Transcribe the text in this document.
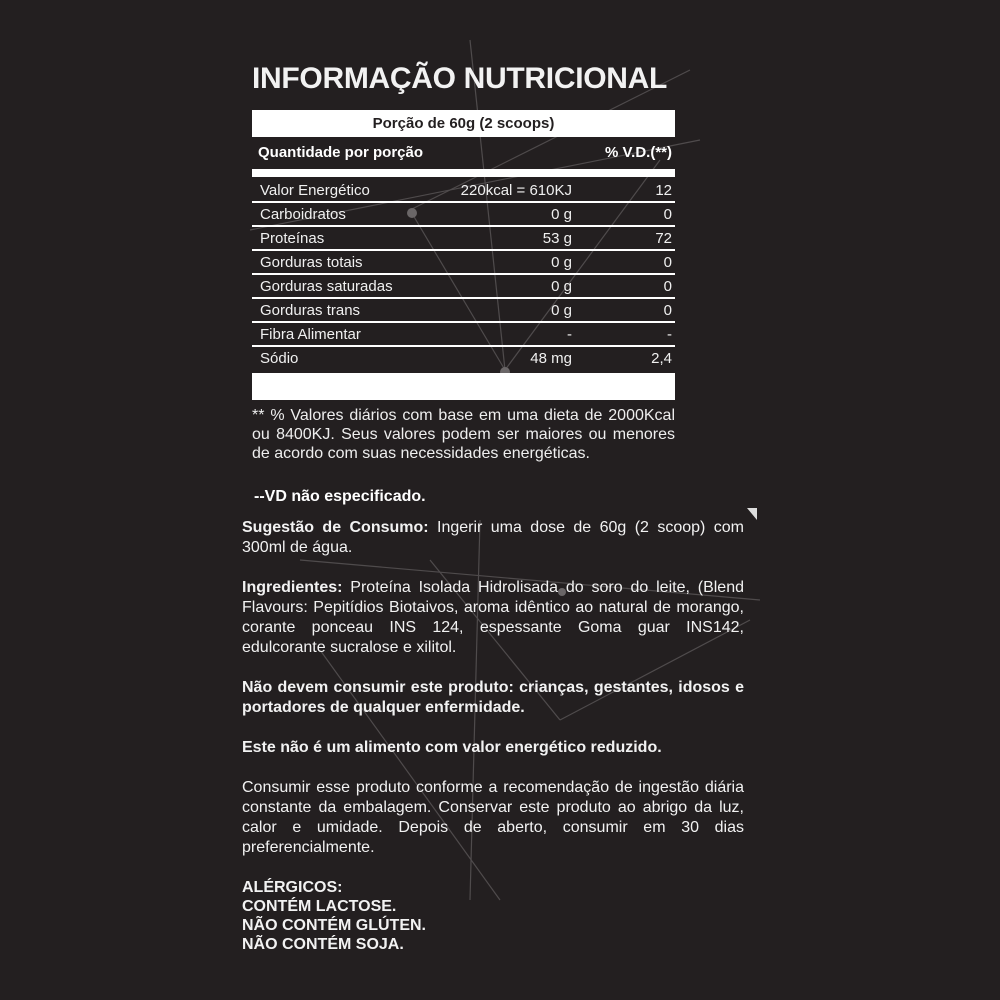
INFORMAÇÃO NUTRICIONAL
Porção de 60g (2 scoops)
Quantidade por porção	% V.D.(**)
Valor Energético	220kcal = 610KJ	12
Carboidratos	0 g	0
Proteínas	53 g	72
Gorduras totais	0 g	0
Gorduras saturadas	0 g	0
Gorduras trans	0 g	0
Fibra Alimentar	-	-
Sódio	48 mg	2,4
** % Valores diários com base em uma dieta de 2000Kcal ou 8400KJ. Seus valores podem ser maiores ou menores de acordo com suas necessidades energéticas.
--VD não especificado.

Sugestão de Consumo: Ingerir uma dose de 60g (2 scoop) com 300ml de água.

Ingredientes: Proteína Isolada Hidrolisada do soro do leite, (Blend Flavours: Pepitídios Biotaivos, aroma idêntico ao natural de morango, corante ponceau INS 124, espessante Goma guar INS142, edulcorante sucralose e xilitol.

Não devem consumir este produto: crianças, gestantes, idosos e portadores de qualquer enfermidade.

Este não é um alimento com valor energético reduzido.

Consumir esse produto conforme a recomendação de ingestão diária constante da embalagem. Conservar este produto ao abrigo da luz, calor e umidade. Depois de aberto, consumir em 30 dias preferencialmente.

ALÉRGICOS:
CONTÉM LACTOSE.
NÃO CONTÉM GLÚTEN.
NÃO CONTÉM SOJA.
